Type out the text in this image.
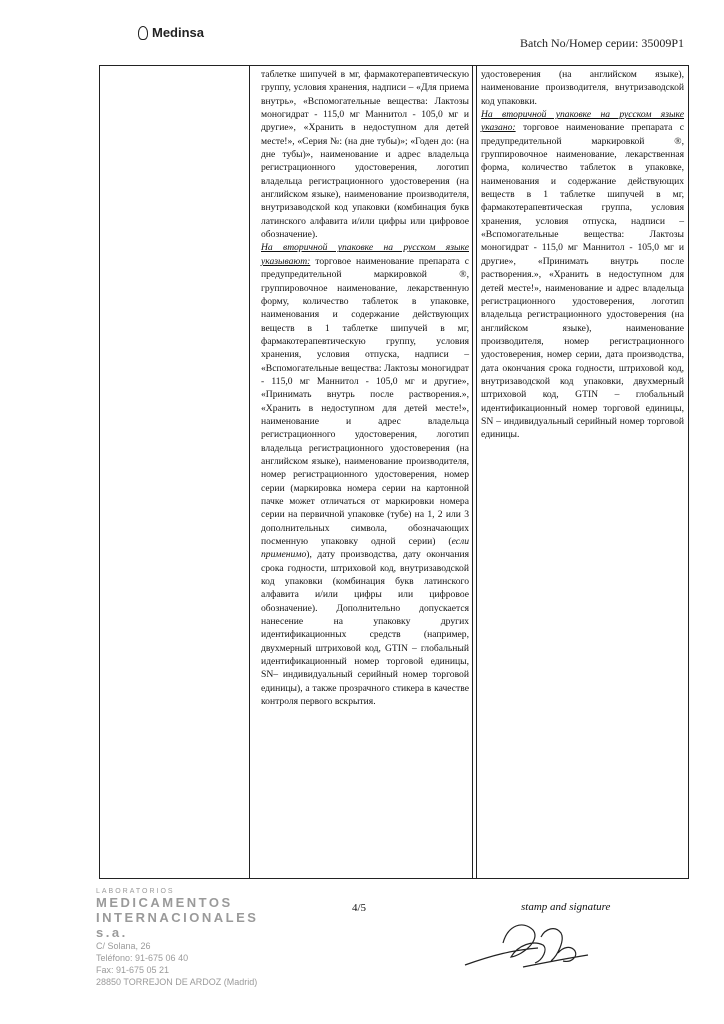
Medinsa
Batch No/Номер серии: 35009P1

таблетке шипучей в мг, фармакотерапевтическую группу, условия хранения, надписи – «Для приема внутрь», «Вспомогательные вещества: Лактозы моногидрат - 115,0 мг Маннитол - 105,0 мг и другие», «Хранить в недоступном для детей месте!», «Серия №: (на дне тубы)»; «Годен до: (на дне тубы)», наименование и адрес владельца регистрационного удостоверения, логотип владельца регистрационного удостоверения (на английском языке), наименование производителя, внутризаводской код упаковки (комбинация букв латинского алфавита и/или цифры или цифровое обозначение).

На вторичной упаковке на русском языке указывают: торговое наименование препарата с предупредительной маркировкой ®, группировочное наименование, лекарственную форму, количество таблеток в упаковке, наименования и содержание действующих веществ в 1 таблетке шипучей в мг, фармакотерапевтическую группу, условия хранения, условия отпуска, надписи – «Вспомогательные вещества: Лактозы моногидрат - 115,0 мг Маннитол - 105,0 мг и другие», «Принимать внутрь после растворения.», «Хранить в недоступном для детей месте!», наименование и адрес владельца регистрационного удостоверения, логотип владельца регистрационного удостоверения (на английском языке), наименование производителя, номер регистрационного удостоверения, номер серии (маркировка номера серии на картонной пачке может отличаться от маркировки номера серии на первичной упаковке (тубе) на 1, 2 или 3 дополнительных символа, обозначающих посменную упаковку одной серии) (если применимо), дату производства, дату окончания срока годности, штриховой код, внутризаводской код упаковки (комбинация букв латинского алфавита и/или цифры или цифровое обозначение). Дополнительно допускается нанесение на упаковку других идентификационных средств (например, двухмерный штриховой код, GTIN – глобальный идентификационный номер торговой единицы, SN– индивидуальный серийный номер торговой единицы), а также прозрачного стикера в качестве контроля первого вскрытия.

удостоверения (на английском языке), наименование производителя, внутризаводской код упаковки.

На вторичной упаковке на русском языке указано: торговое наименование препарата с предупредительной маркировкой ®, группировочное наименование, лекарственная форма, количество таблеток в упаковке, наименования и содержание действующих веществ в 1 таблетке шипучей в мг, фармакотерапевтическая группа, условия хранения, условия отпуска, надписи – «Вспомогательные вещества: Лактозы моногидрат - 115,0 мг Маннитол - 105,0 мг и другие», «Принимать внутрь после растворения.», «Хранить в недоступном для детей месте!», наименование и адрес владельца регистрационного удостоверения, логотип владельца регистрационного удостоверения (на английском языке), наименование производителя, номер регистрационного удостоверения, номер серии, дата производства, дата окончания срока годности, штриховой код, внутризаводской код упаковки, двухмерный штриховой код, GTIN – глобальный идентификационный номер торговой единицы, SN – индивидуальный серийный номер торговой единицы.

LABORATORIOS
MEDICAMENTOS
INTERNACIONALES s.a.
C/ Solana, 26
Teléfono: 91-675 06 40
Fax: 91-675 05 21
28850 TORREJON DE ARDOZ (Madrid)
4/5	stamp and signature
